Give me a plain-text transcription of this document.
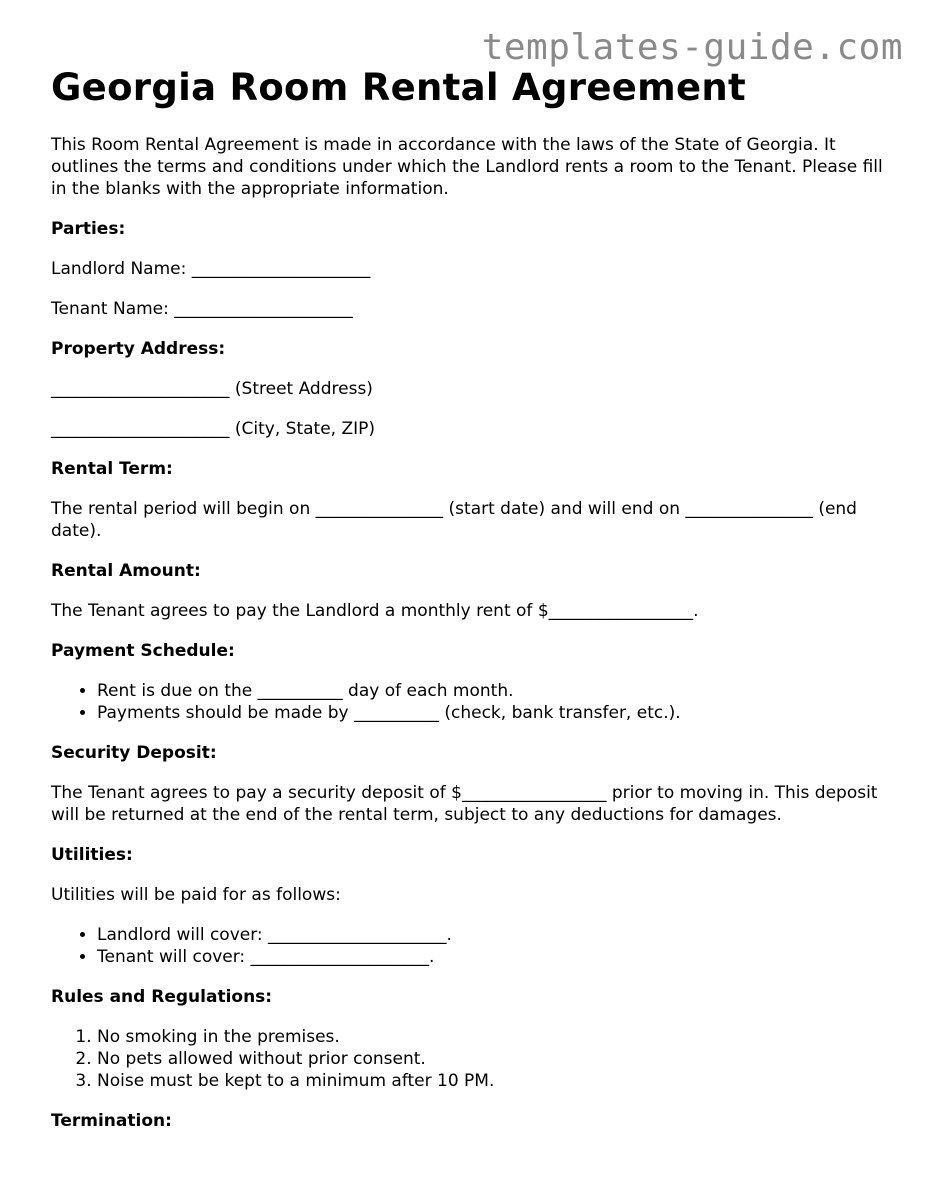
templates-guide.com
Georgia Room Rental Agreement

This Room Rental Agreement is made in accordance with the laws of the State of Georgia. It outlines the terms and conditions under which the Landlord rents a room to the Tenant. Please fill in the blanks with the appropriate information.

Parties:

Landlord Name: _____________________

Tenant Name: _____________________

Property Address:

_____________________ (Street Address)

_____________________ (City, State, ZIP)

Rental Term:

The rental period will begin on _______________ (start date) and will end on _______________ (end date).

Rental Amount:

The Tenant agrees to pay the Landlord a monthly rent of $_________________.

Payment Schedule:

• Rent is due on the __________ day of each month.
• Payments should be made by __________ (check, bank transfer, etc.).

Security Deposit:

The Tenant agrees to pay a security deposit of $_________________ prior to moving in. This deposit will be returned at the end of the rental term, subject to any deductions for damages.

Utilities:

Utilities will be paid for as follows:

• Landlord will cover: _____________________.
• Tenant will cover: _____________________.

Rules and Regulations:

1. No smoking in the premises.
2. No pets allowed without prior consent.
3. Noise must be kept to a minimum after 10 PM.

Termination:
